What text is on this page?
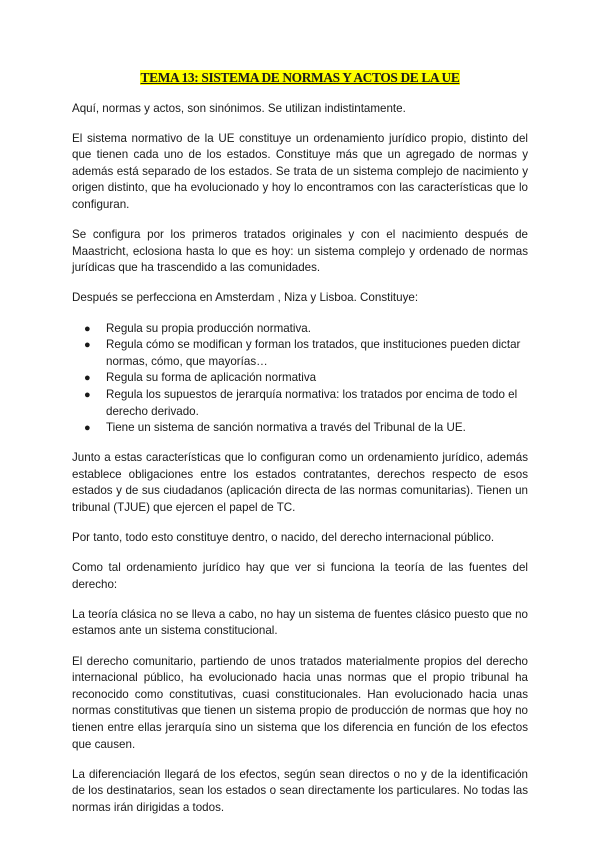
TEMA 13: SISTEMA DE NORMAS Y ACTOS DE LA UE

Aquí, normas y actos, son sinónimos. Se utilizan indistintamente.

El sistema normativo de la UE constituye un ordenamiento jurídico propio, distinto del que tienen cada uno de los estados. Constituye más que un agregado de normas y además está separado de los estados. Se trata de un sistema complejo de nacimiento y origen distinto, que ha evolucionado y hoy lo encontramos con las características que lo configuran.

Se configura por los primeros tratados originales y con el nacimiento después de Maastricht, eclosiona hasta lo que es hoy: un sistema complejo y ordenado de normas jurídicas que ha trascendido a las comunidades.

Después se perfecciona en Amsterdam , Niza y Lisboa. Constituye:

● Regula su propia producción normativa.
● Regula cómo se modifican y forman los tratados, que instituciones pueden dictar normas, cómo, que mayorías…
● Regula su forma de aplicación normativa
● Regula los supuestos de jerarquía normativa: los tratados por encima de todo el derecho derivado.
● Tiene un sistema de sanción normativa a través del Tribunal de la UE.

Junto a estas características que lo configuran como un ordenamiento jurídico, además establece obligaciones entre los estados contratantes, derechos respecto de esos estados y de sus ciudadanos (aplicación directa de las normas comunitarias). Tienen un tribunal (TJUE) que ejercen el papel de TC.

Por tanto, todo esto constituye dentro, o nacido, del derecho internacional público.

Como tal ordenamiento jurídico hay que ver si funciona la teoría de las fuentes del derecho:

La teoría clásica no se lleva a cabo, no hay un sistema de fuentes clásico puesto que no estamos ante un sistema constitucional.

El derecho comunitario, partiendo de unos tratados materialmente propios del derecho internacional público, ha evolucionado hacia unas normas que el propio tribunal ha reconocido como constitutivas, cuasi constitucionales. Han evolucionado hacia unas normas constitutivas que tienen un sistema propio de producción de normas que hoy no tienen entre ellas jerarquía sino un sistema que los diferencia en función de los efectos que causen.

La diferenciación llegará de los efectos, según sean directos o no y de la identificación de los destinatarios, sean los estados o sean directamente los particulares. No todas las normas irán dirigidas a todos.
